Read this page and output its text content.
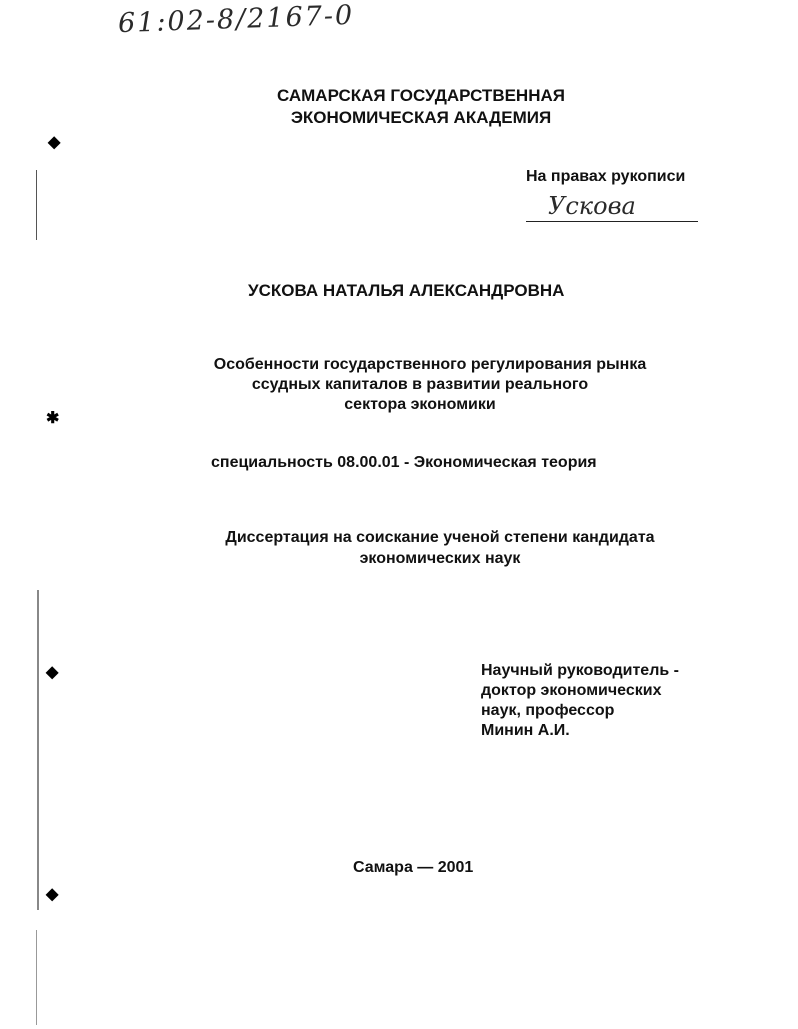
◆
✱
◆
◆
61:02-8/2167-0
САМАРСКАЯ ГОСУДАРСТВЕННАЯ
ЭКОНОМИЧЕСКАЯ АКАДЕМИЯ
На правах рукописи
Ускова
УСКОВА НАТАЛЬЯ АЛЕКСАНДРОВНА
Особенности государственного регулирования рынка
ссудных капиталов в развитии реального
сектора экономики
специальность 08.00.01 - Экономическая теория
Диссертация на соискание ученой степени кандидата
экономических наук
Научный руководитель -
доктор экономических
наук, профессор
Минин А.И.
Самара — 2001
